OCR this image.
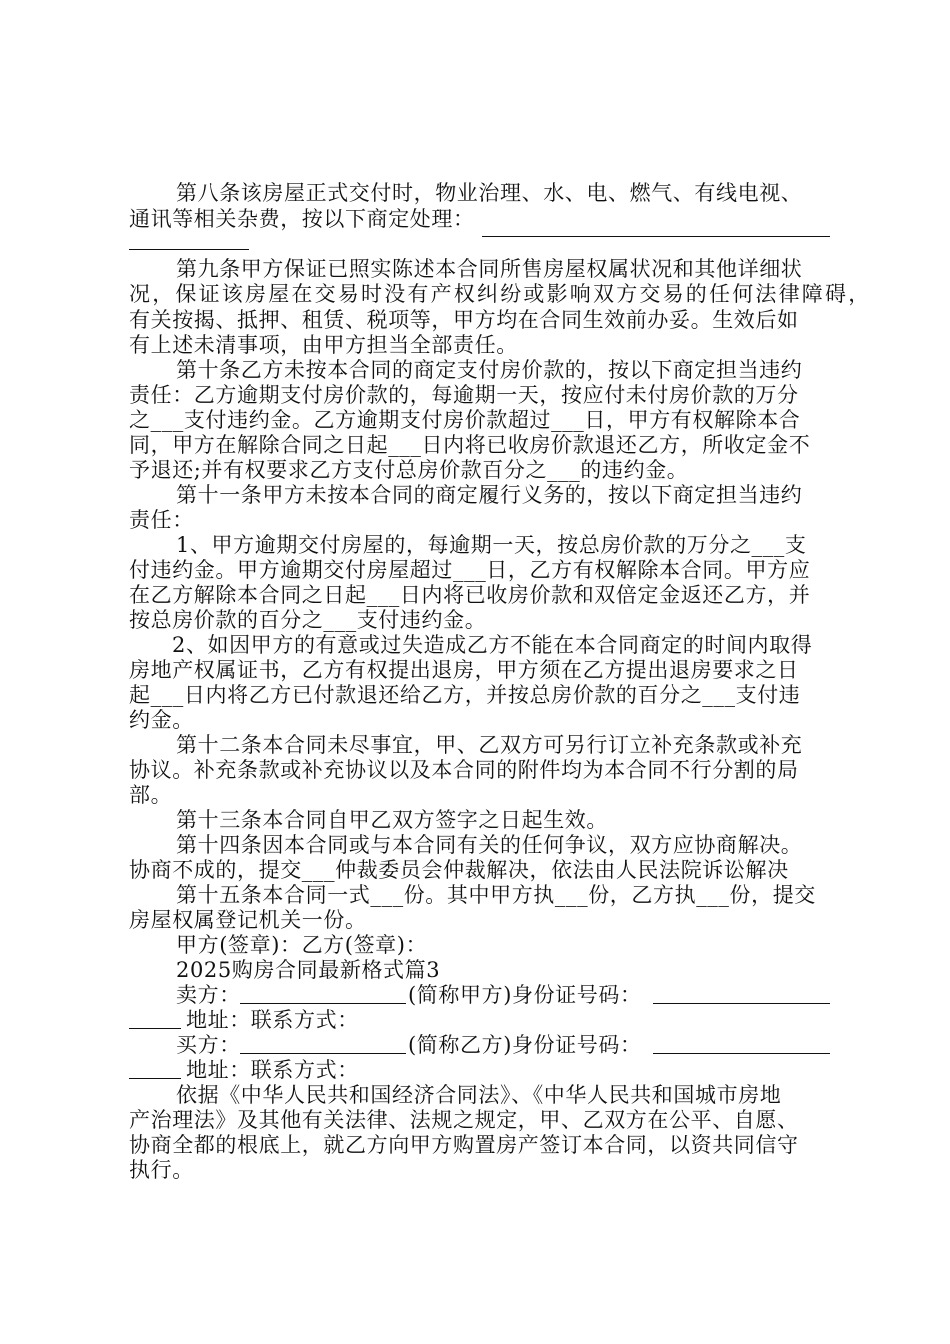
第八条该房屋正式交付时，物业治理、水、电、燃气、有线电视、

通讯等相关杂费，按以下商定处理：

第九条甲方保证已照实陈述本合同所售房屋权属状况和其他详细状

况，保证该房屋在交易时没有产权纠纷或影响双方交易的任何法律障碍，

有关按揭、抵押、租赁、税项等，甲方均在合同生效前办妥。生效后如

有上述未清事项，由甲方担当全部责任。

第十条乙方未按本合同的商定支付房价款的，按以下商定担当违约

责任：乙方逾期支付房价款的，每逾期一天，按应付未付房价款的万分

之___支付违约金。乙方逾期支付房价款超过___日，甲方有权解除本合

同，甲方在解除合同之日起___日内将已收房价款退还乙方，所收定金不

予退还;并有权要求乙方支付总房价款百分之___的违约金。

第十一条甲方未按本合同的商定履行义务的，按以下商定担当违约

责任：

1、甲方逾期交付房屋的，每逾期一天，按总房价款的万分之___支

付违约金。甲方逾期交付房屋超过___日，乙方有权解除本合同。甲方应

在乙方解除本合同之日起___日内将已收房价款和双倍定金返还乙方，并

按总房价款的百分之___支付违约金。

2、如因甲方的有意或过失造成乙方不能在本合同商定的时间内取得

房地产权属证书，乙方有权提出退房，甲方须在乙方提出退房要求之日

起___日内将乙方已付款退还给乙方，并按总房价款的百分之___支付违

约金。

第十二条本合同未尽事宜，甲、乙双方可另行订立补充条款或补充

协议。补充条款或补充协议以及本合同的附件均为本合同不行分割的局

部。

第十三条本合同自甲乙双方签字之日起生效。

第十四条因本合同或与本合同有关的任何争议，双方应协商解决。

协商不成的，提交___仲裁委员会仲裁解决，依法由人民法院诉讼解决

第十五条本合同一式___份。其中甲方执___份，乙方执___份，提交

房屋权属登记机关一份。

甲方(签章)：乙方(签章)：

2025购房合同最新格式篇3

卖方：	(简称甲方)身份证号码：

地址：联系方式：

买方：	(简称乙方)身份证号码：

地址：联系方式：

依据《中华人民共和国经济合同法》、《中华人民共和国城市房地

产治理法》及其他有关法律、法规之规定，甲、乙双方在公平、自愿、

协商全都的根底上，就乙方向甲方购置房产签订本合同，以资共同信守

执行。
